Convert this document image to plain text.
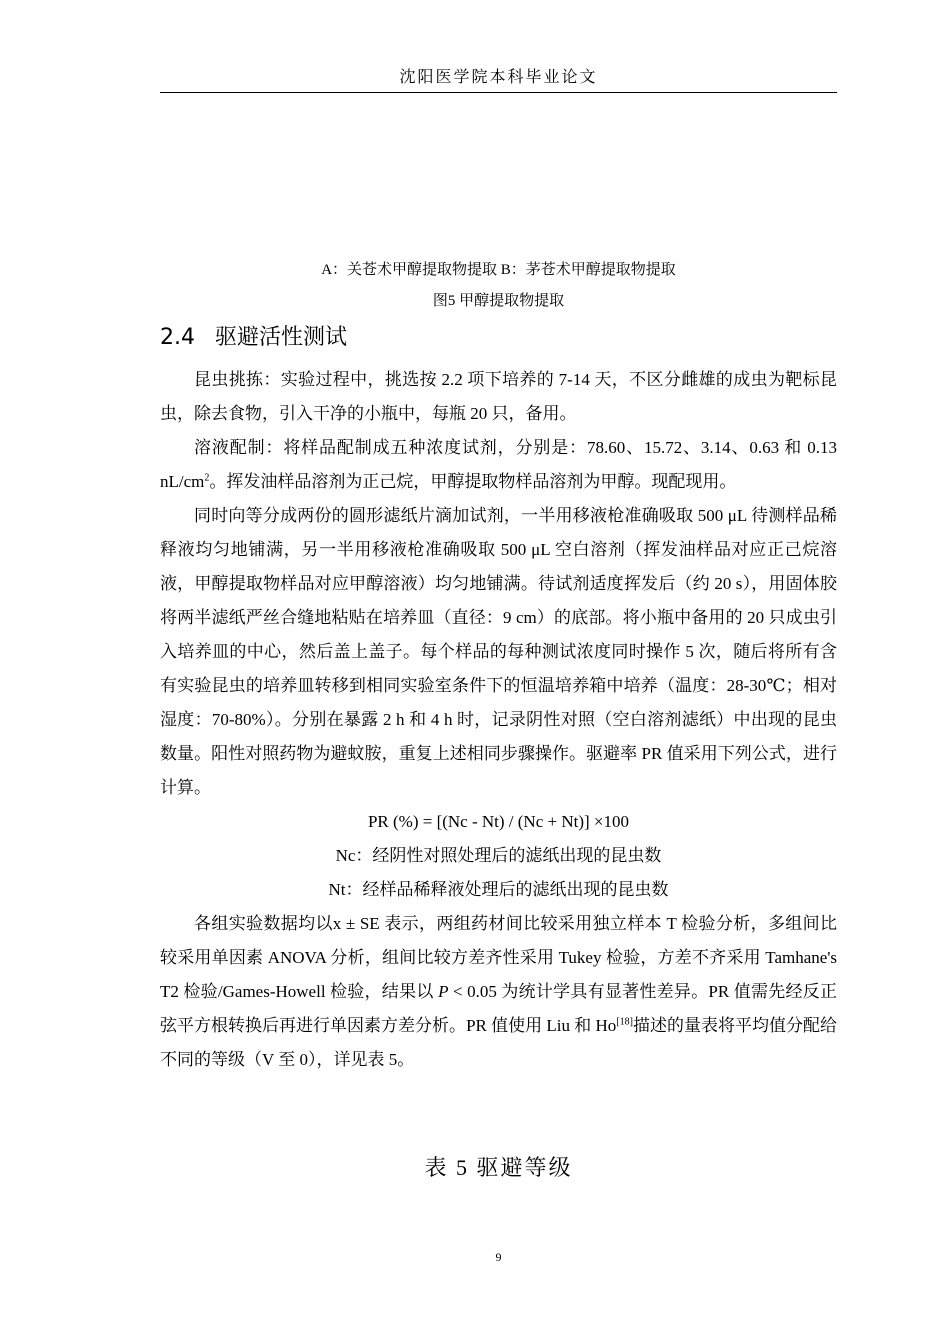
沈阳医学院本科毕业论文
A：关苍术甲醇提取物提取 B：茅苍术甲醇提取物提取
图5 甲醇提取物提取
2.4 驱避活性测试

昆虫挑拣：实验过程中，挑选按 2.2 项下培养的 7-14 天，不区分雌雄的成虫为靶标昆虫，除去食物，引入干净的小瓶中，每瓶 20 只，备用。

溶液配制：将样品配制成五种浓度试剂，分别是：78.60、15.72、3.14、0.63 和 0.13 $nL/cm^2$。挥发油样品溶剂为正己烷，甲醇提取物样品溶剂为甲醇。现配现用。

同时向等分成两份的圆形滤纸片滴加试剂，一半用移液枪准确吸取 500 μL 待测样品稀释液均匀地铺满，另一半用移液枪准确吸取 500 μL 空白溶剂（挥发油样品对应正己烷溶液，甲醇提取物样品对应甲醇溶液）均匀地铺满。待试剂适度挥发后（约 20 s），用固体胶将两半滤纸严丝合缝地粘贴在培养皿（直径：9 cm）的底部。将小瓶中备用的 20 只成虫引入培养皿的中心，然后盖上盖子。每个样品的每种测试浓度同时操作 5 次，随后将所有含有实验昆虫的培养皿转移到相同实验室条件下的恒温培养箱中培养（温度：28-30℃；相对湿度：70-80%）。分别在暴露 2 h 和 4 h 时，记录阴性对照（空白溶剂滤纸）中出现的昆虫数量。阳性对照药物为避蚊胺，重复上述相同步骤操作。驱避率 PR 值采用下列公式，进行计算。

PR (%) = [(Nc - Nt) / (Nc + Nt)] ×100

Nc：经阴性对照处理后的滤纸出现的昆虫数

Nt：经样品稀释液处理后的滤纸出现的昆虫数

各组实验数据均以x ± SE 表示，两组药材间比较采用独立样本 T 检验分析，多组间比较采用单因素 ANOVA 分析，组间比较方差齐性采用 Tukey 检验，方差不齐采用 Tamhane's T2 检验/Games-Howell 检验，结果以 P < 0.05 为统计学具有显著性差异。PR 值需先经反正弦平方根转换后再进行单因素方差分析。PR 值使用 Liu 和 Ho[18]描述的量表将平均值分配给不同的等级（V 至 0），详见表 5。

表 5 驱避等级
9
